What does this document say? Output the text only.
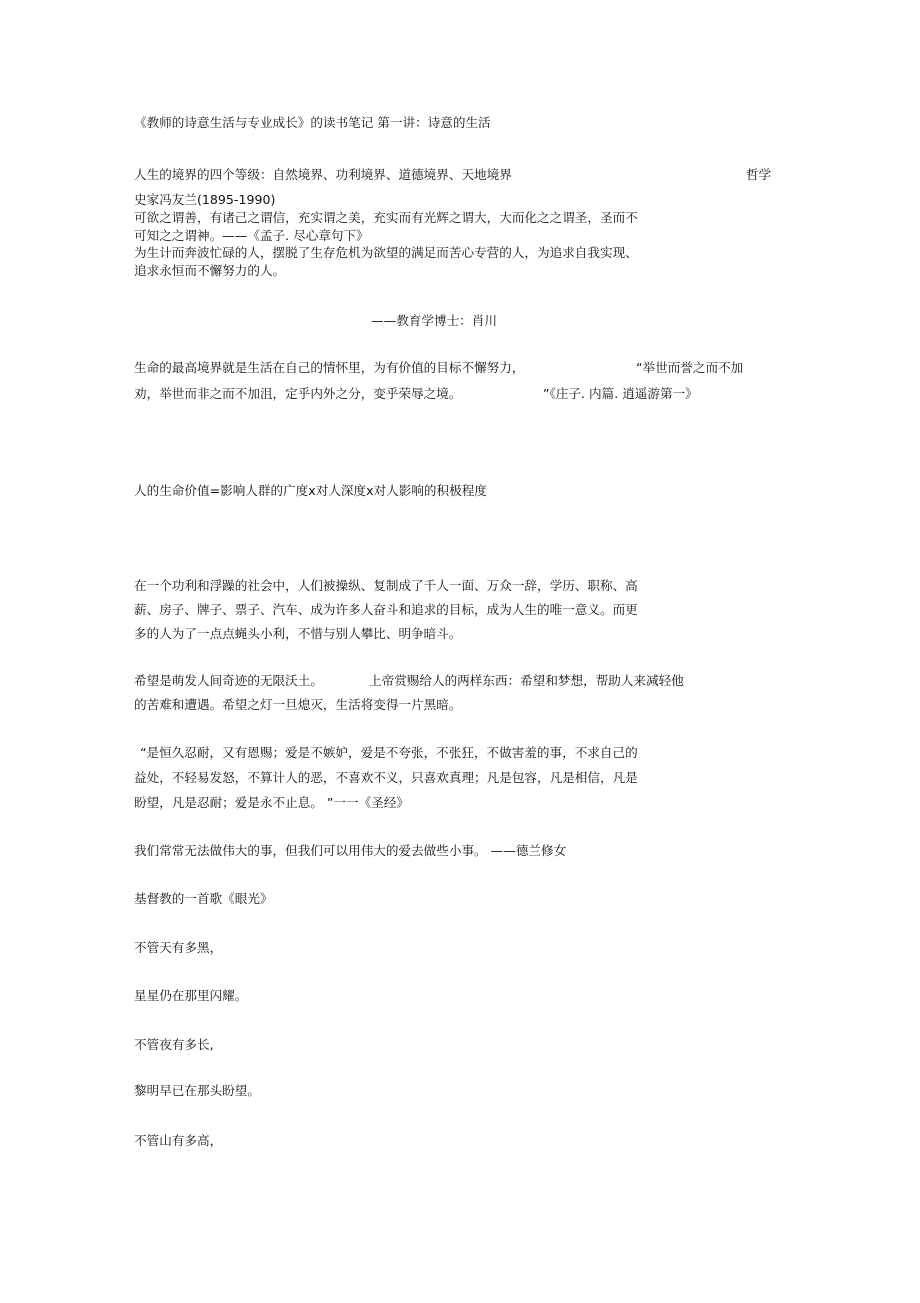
《教师的诗意生活与专业成长》的读书笔记 第一讲：诗意的生活
人生的境界的四个等级：自然境界、功利境界、道德境界、天地境界	哲学
史家冯友兰(1895-1990)
可欲之谓善，有诸己之谓信，充实谓之美，充实而有光辉之谓大，大而化之之谓圣，圣而不
可知之之谓神。——《孟子. 尽心章句下》
为生计而奔波忙碌的人，摆脱了生存危机为欲望的满足而苦心专营的人，为追求自我实现、
追求永恒而不懈努力的人。
——教育学博士：肖川
生命的最高境界就是生活在自己的情怀里，为有价值的目标不懈努力，	“举世而誉之而不加
劝，举世而非之而不加沮，定乎内外之分，变乎荣辱之境。	”《庄子. 内篇. 逍遥游第一》
人的生命价值=影响人群的广度x对人深度x对人影响的积极程度
在一个功利和浮躁的社会中，人们被操纵、复制成了千人一面、万众一辞，学历、职称、高
薪、房子、牌子、票子、汽车、成为许多人奋斗和追求的目标，成为人生的唯一意义。而更
多的人为了一点点蝇头小利，不惜与别人攀比、明争暗斗。
希望是萌发人间奇迹的无限沃土。	上帝赏赐给人的两样东西：希望和梦想，帮助人来减轻他
的苦难和遭遇。希望之灯一旦熄灭，生活将变得一片黑暗。
“是恒久忍耐，又有恩赐；爱是不嫉妒，爱是不夸张，不张狂，不做害羞的事，不求自己的
益处，不轻易发怒，不算计人的恶，不喜欢不义，只喜欢真理；凡是包容，凡是相信，凡是
盼望，凡是忍耐；爱是永不止息。 ”一一《圣经》
我们常常无法做伟大的事，但我们可以用伟大的爱去做些小事。 ——德兰修女
基督教的一首歌《眼光》
不管天有多黑，
星星仍在那里闪耀。
不管夜有多长,
黎明早已在那头盼望。
不管山有多高，
